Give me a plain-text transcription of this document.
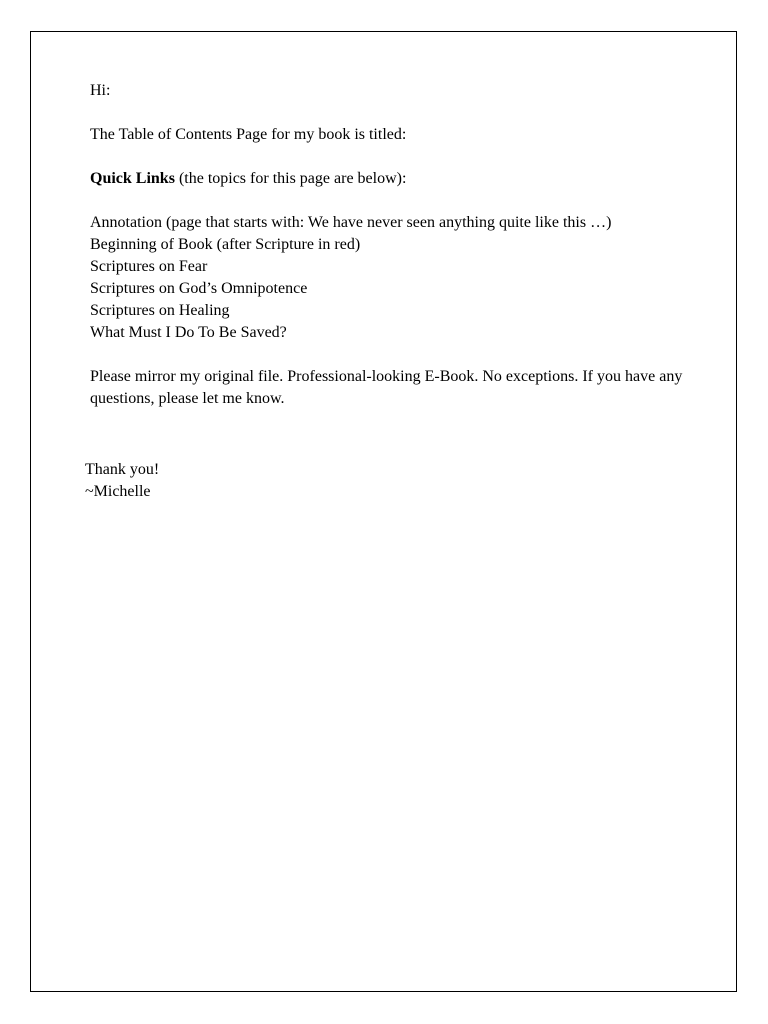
Hi:

The Table of Contents Page for my book is titled:

Quick Links (the topics for this page are below):

Annotation (page that starts with: We have never seen anything quite like this …)

Beginning of Book (after Scripture in red)

Scriptures on Fear

Scriptures on God’s Omnipotence

Scriptures on Healing

What Must I Do To Be Saved?

Please mirror my original file. Professional-looking E-Book. No exceptions. If you have any questions, please let me know.

Thank you!

~Michelle
